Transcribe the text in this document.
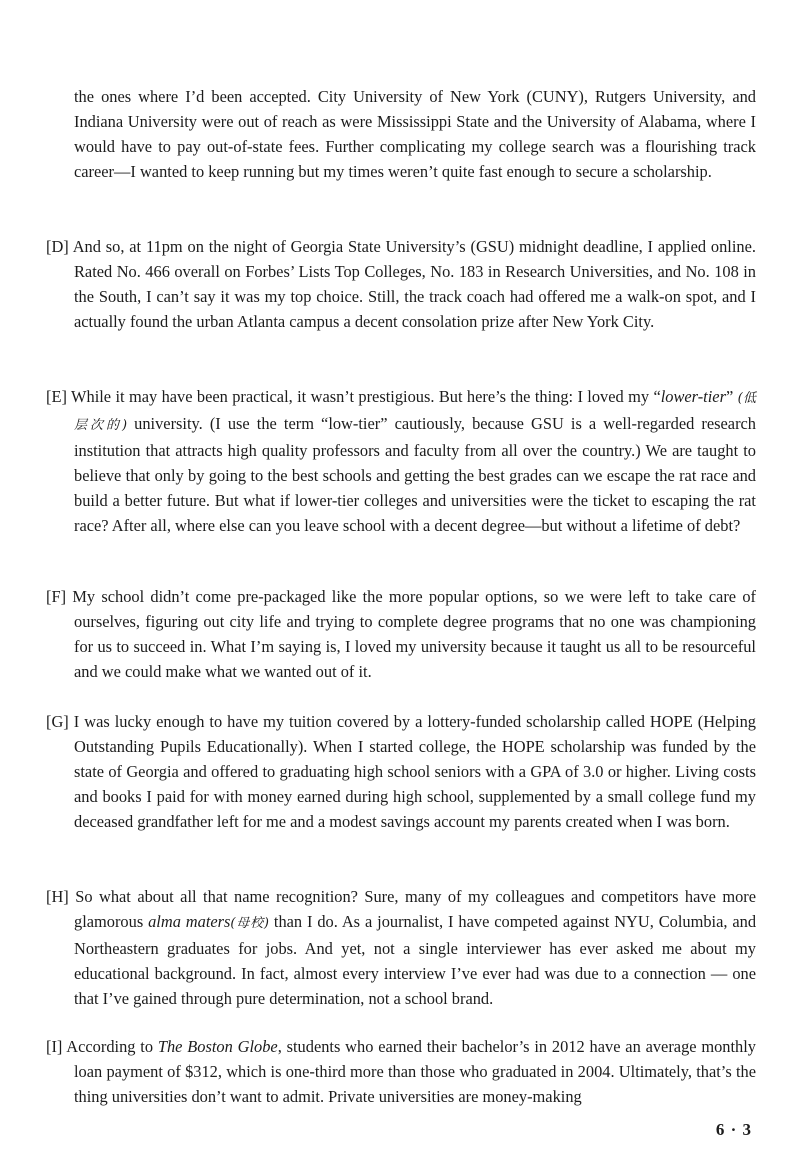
the ones where I’d been accepted. City University of New York (CUNY), Rutgers University, and Indiana University were out of reach as were Mississippi State and the University of Alabama, where I would have to pay out-of-state fees. Further complicating my college search was a flourishing track career—I wanted to keep running but my times weren’t quite fast enough to secure a scholarship.

[D] And so, at 11pm on the night of Georgia State University’s (GSU) midnight deadline, I applied online. Rated No. 466 overall on Forbes’ Lists Top Colleges, No. 183 in Research Universities, and No. 108 in the South, I can’t say it was my top choice. Still, the track coach had offered me a walk-on spot, and I actually found the urban Atlanta campus a decent consolation prize after New York City.

[E] While it may have been practical, it wasn’t prestigious. But here’s the thing: I loved my “lower-tier” (低层次的) university. (I use the term “low-tier” cautiously, because GSU is a well-regarded research institution that attracts high quality professors and faculty from all over the country.) We are taught to believe that only by going to the best schools and getting the best grades can we escape the rat race and build a better future. But what if lower-tier colleges and universities were the ticket to escaping the rat race? After all, where else can you leave school with a decent degree—but without a lifetime of debt?

[F] My school didn’t come pre-packaged like the more popular options, so we were left to take care of ourselves, figuring out city life and trying to complete degree programs that no one was championing for us to succeed in. What I’m saying is, I loved my university because it taught us all to be resourceful and we could make what we wanted out of it.

[G] I was lucky enough to have my tuition covered by a lottery-funded scholarship called HOPE (Helping Outstanding Pupils Educationally). When I started college, the HOPE scholarship was funded by the state of Georgia and offered to graduating high school seniors with a GPA of 3.0 or higher. Living costs and books I paid for with money earned during high school, supplemented by a small college fund my deceased grandfather left for me and a modest savings account my parents created when I was born.

[H] So what about all that name recognition? Sure, many of my colleagues and competitors have more glamorous alma maters(母校) than I do. As a journalist, I have competed against NYU, Columbia, and Northeastern graduates for jobs. And yet, not a single interviewer has ever asked me about my educational background. In fact, almost every interview I’ve ever had was due to a connection — one that I’ve gained through pure determination, not a school brand.

[I] According to The Boston Globe, students who earned their bachelor’s in 2012 have an average monthly loan payment of $312, which is one-third more than those who graduated in 2004. Ultimately, that’s the thing universities don’t want to admit. Private universities are money-making

6 · 3
